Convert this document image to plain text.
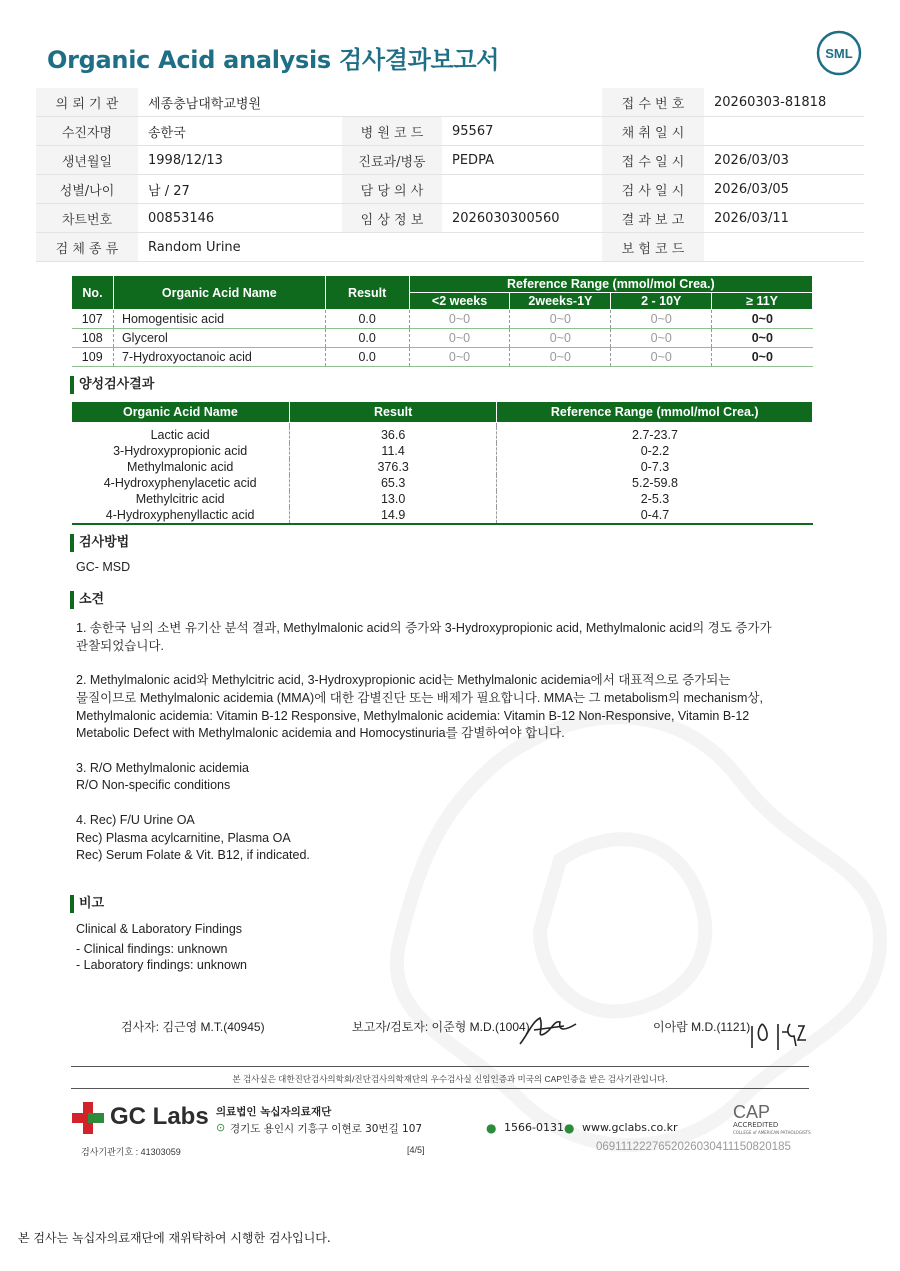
Organic Acid analysis 검사결과보고서	SML
의 뢰 기 관	세종충남대학교병원			접 수 번 호	20260303-81818
수진자명	송한국	병 원 코 드	95567	채 취 일 시	
생년월일	1998/12/13	진료과/병동	PEDPA	접 수 일 시	2026/03/03
성별/나이	남 / 27	담 당 의 사		검 사 일 시	2026/03/05
차트번호	00853146	임 상 정 보	2026030300560	결 과 보 고	2026/03/11
검 체 종 류	Random Urine			보 험 코 드	
No.	Organic Acid Name	Result	Reference Range (mmol/mol Crea.)			
			<2 weeks	2weeks-1Y	2 - 10Y	≥ 11Y
107	Homogentisic acid	0.0	0~0	0~0	0~0	0~0
108	Glycerol	0.0	0~0	0~0	0~0	0~0
109	7-Hydroxyoctanoic acid	0.0	0~0	0~0	0~0	0~0
양성검사결과
Organic Acid Name	Result	Reference Range (mmol/mol Crea.)

Lactic acid	36.6	2.7-23.7
3-Hydroxypropionic acid	11.4	0-2.2
Methylmalonic acid	376.3	0-7.3
4-Hydroxyphenylacetic acid	65.3	5.2-59.8
Methylcitric acid	13.0	2-5.3
4-Hydroxyphenyllactic acid	14.9	0-4.7
검사방법
GC- MSD
소견
1. 송한국 님의 소변 유기산 분석 결과, Methylmalonic acid의 증가와 3-Hydroxypropionic acid, Methylmalonic acid의 경도 증가가
관찰되었습니다.
2. Methylmalonic acid와 Methylcitric acid, 3-Hydroxypropionic acid는 Methylmalonic acidemia에서 대표적으로 증가되는
물질이므로 Methylmalonic acidemia (MMA)에 대한 감별진단 또는 배제가 필요합니다. MMA는 그 metabolism의 mechanism상,
Methylmalonic acidemia: Vitamin B-12 Responsive, Methylmalonic acidemia: Vitamin B-12 Non-Responsive, Vitamin B-12
Metabolic Defect with Methylmalonic acidemia and Homocystinuria를 감별하여야 합니다.
3. R/O Methylmalonic acidemia
R/O Non-specific conditions
4. Rec) F/U Urine OA
Rec) Plasma acylcarnitine, Plasma OA
Rec) Serum Folate & Vit. B12, if indicated.
비고
Clinical & Laboratory Findings
- Clinical findings: unknown
- Laboratory findings: unknown
검사자: 김근영 M.T.(40945)	보고자/검토자: 이준형 M.D.(1004)	이아람 M.D.(1121)
본 검사실은 대한진단검사의학회/진단검사의학재단의 우수검사실 신임인증과 미국의 CAP인증을 받은 검사기관입니다.
GC Labs 의료법인 녹십자의료재단
⊙ 경기도 용인시 기흥구 이현로 30번길 107	● 1566-0131 ● www.gclabs.co.kr
CAP
ACCREDITED
COLLEGE of AMERICAN PATHOLOGISTS
검사기관기호 : 41303059	[4/5]	06911122276520260304111508201​85
본 검사는 녹십자의료재단에 재위탁하여 시행한 검사입니다.
